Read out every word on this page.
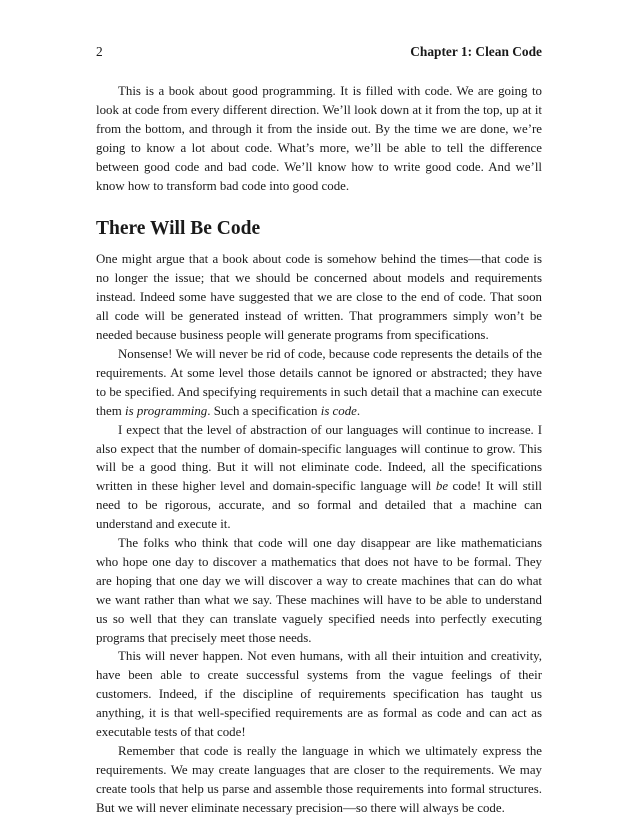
2	Chapter 1: Clean Code

This is a book about good programming. It is filled with code. We are going to look at code from every different direction. We’ll look down at it from the top, up at it from the bottom, and through it from the inside out. By the time we are done, we’re going to know a lot about code. What’s more, we’ll be able to tell the difference between good code and bad code. We’ll know how to write good code. And we’ll know how to transform bad code into good code.

There Will Be Code

One might argue that a book about code is somehow behind the times—that code is no longer the issue; that we should be concerned about models and requirements instead. Indeed some have suggested that we are close to the end of code. That soon all code will be generated instead of written. That programmers simply won’t be needed because business people will generate programs from specifications.

Nonsense! We will never be rid of code, because code represents the details of the requirements. At some level those details cannot be ignored or abstracted; they have to be specified. And specifying requirements in such detail that a machine can execute them is programming. Such a specification is code.

I expect that the level of abstraction of our languages will continue to increase. I also expect that the number of domain-specific languages will continue to grow. This will be a good thing. But it will not eliminate code. Indeed, all the specifications written in these higher level and domain-specific language will be code! It will still need to be rigorous, accurate, and so formal and detailed that a machine can understand and execute it.

The folks who think that code will one day disappear are like mathematicians who hope one day to discover a mathematics that does not have to be formal. They are hoping that one day we will discover a way to create machines that can do what we want rather than what we say. These machines will have to be able to understand us so well that they can translate vaguely specified needs into perfectly executing programs that precisely meet those needs.

This will never happen. Not even humans, with all their intuition and creativity, have been able to create successful systems from the vague feelings of their customers. Indeed, if the discipline of requirements specification has taught us anything, it is that well-specified requirements are as formal as code and can act as executable tests of that code!

Remember that code is really the language in which we ultimately express the requirements. We may create languages that are closer to the requirements. We may create tools that help us parse and assemble those requirements into formal structures. But we will never eliminate necessary precision—so there will always be code.
